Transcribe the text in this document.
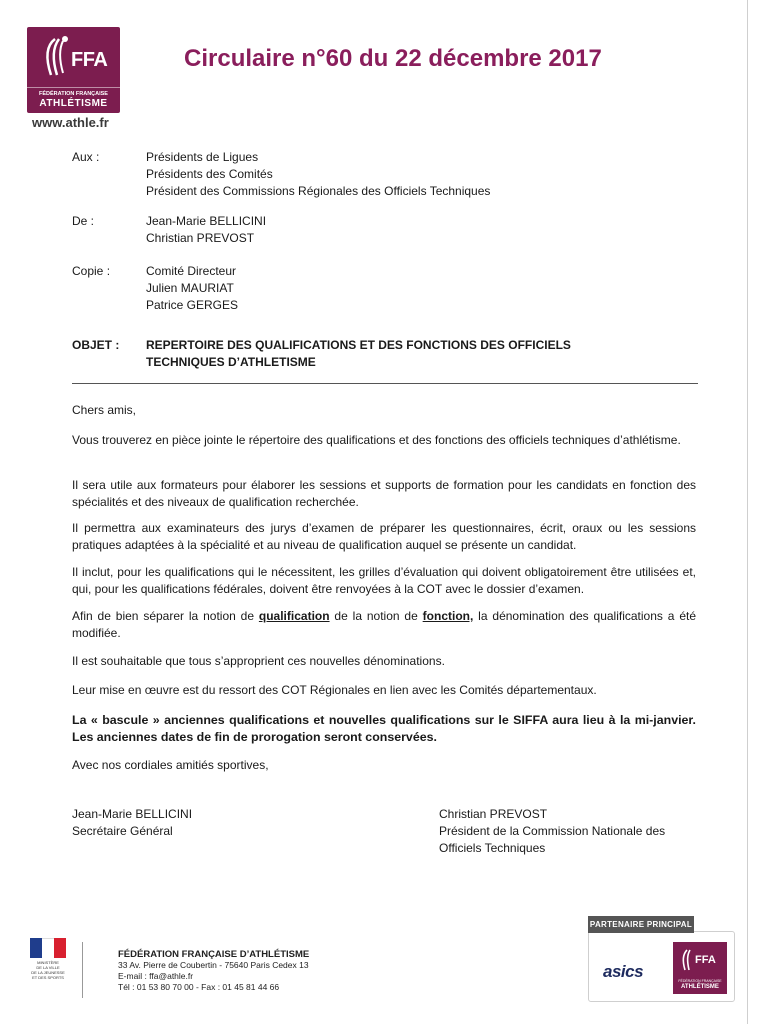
FFA
FÉDÉRATION FRANÇAISE
ATHLÉTISME
www.athle.fr
Circulaire n°60 du 22 décembre 2017
Aux :	Présidents de Ligues
Présidents des Comités
Président des Commissions Régionales des Officiels Techniques
De :	Jean-Marie BELLICINI
Christian PREVOST
Copie :	Comité Directeur
Julien MAURIAT
Patrice GERGES
OBJET : REPERTOIRE DES QUALIFICATIONS ET DES FONCTIONS DES OFFICIELS
TECHNIQUES D’ATHLETISME
Chers amis,
Vous trouverez en pièce jointe le répertoire des qualifications et des fonctions des officiels techniques d’athlétisme.
Il sera utile aux formateurs pour élaborer les sessions et supports de formation pour les candidats en fonction des spécialités et des niveaux de qualification recherchée.
Il permettra aux examinateurs des jurys d’examen de préparer les questionnaires, écrit, oraux ou les sessions pratiques adaptées à la spécialité et au niveau de qualification auquel se présente un candidat.
Il inclut, pour les qualifications qui le nécessitent, les grilles d’évaluation qui doivent obligatoirement être utilisées et, qui, pour les qualifications fédérales, doivent être renvoyées à la COT avec le dossier d’examen.
Afin de bien séparer la notion de qualification de la notion de fonction, la dénomination des qualifications a été modifiée.
Il est souhaitable que tous s’approprient ces nouvelles dénominations.
Leur mise en œuvre est du ressort des COT Régionales en lien avec les Comités départementaux.
La « bascule » anciennes qualifications et nouvelles qualifications sur le SIFFA aura lieu à la mi-janvier. Les anciennes dates de fin de prorogation seront conservées.
Avec nos cordiales amitiés sportives,
Jean-Marie BELLICINI
Secrétaire Général
Christian PREVOST
Président de la Commission Nationale des
Officiels Techniques
MINISTÈRE
DE LA VILLE
DE LA JEUNESSE
ET DES SPORTS
FÉDÉRATION FRANÇAISE D’ATHLÉTISME
33 Av. Pierre de Coubertin - 75640 Paris Cedex 13
E-mail : ffa@athle.fr
Tél : 01 53 80 70 00 - Fax : 01 45 81 44 66
asics
FFA
FÉDÉRATION FRANÇAISE
ATHLÉTISME
PARTENAIRE PRINCIPAL
